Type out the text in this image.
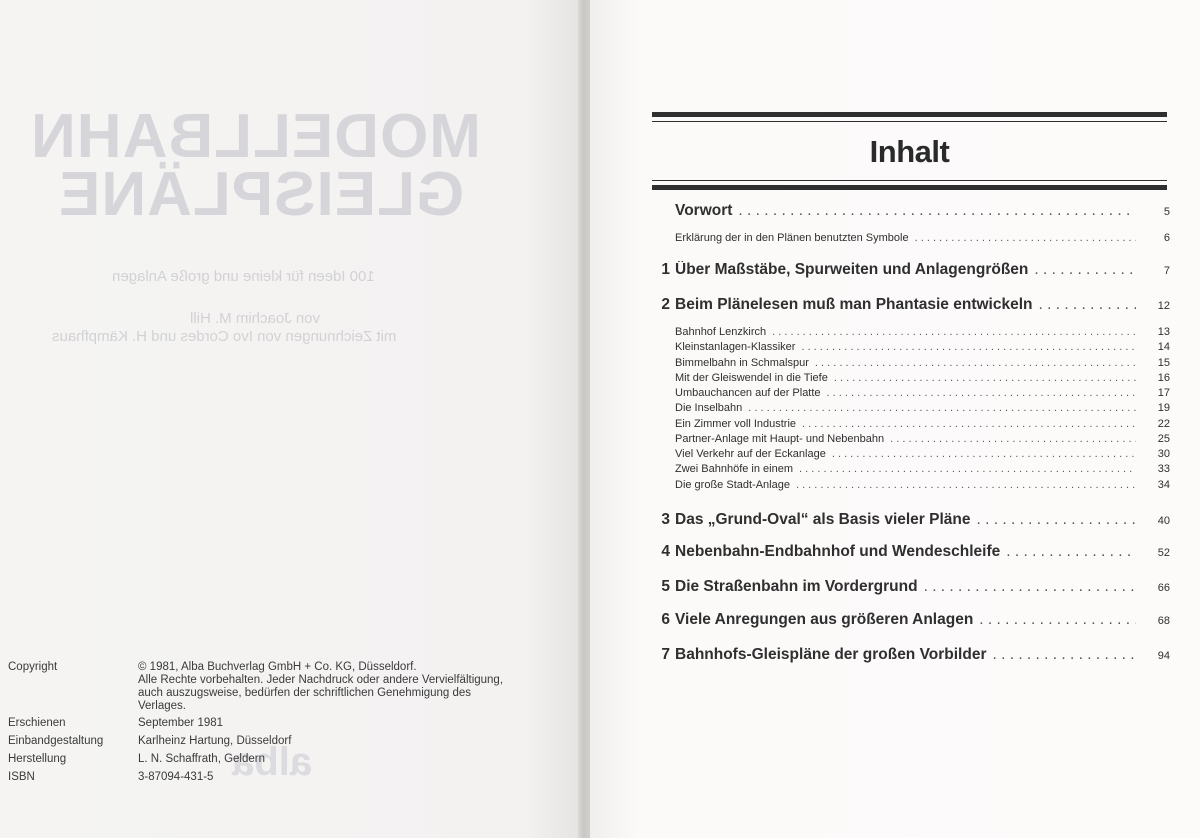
MODELLBAHN
GLEISPLÄNE
100 Ideen für kleine und große Anlagen
von Joachim M. Hill
mit Zeichnungen von Ivo Cordes und H. Kämpfhaus
alba
Copyright	© 1981, Alba Buchverlag GmbH + Co. KG, Düsseldorf.
Alle Rechte vorbehalten. Jeder Nachdruck oder andere Vervielfältigung,
auch auszugsweise, bedürfen der schriftlichen Genehmigung des
Verlages.
Erschienen	September 1981
Einbandgestaltung	Karlheinz Hartung, Düsseldorf
Herstellung	L. N. Schaffrath, Geldern
ISBN	3-87094-431-5
Inhalt
Vorwort . . .	5
Erklärung der in den Plänen benutzten Symbole . . .	6
1 Über Maßstäbe, Spurweiten und Anlagengrößen . . .	7
2 Beim Plänelesen muß man Phantasie entwickeln . . .	12
Bahnhof Lenzkirch . . .	13
Kleinstanlagen-Klassiker . . .	14
Bimmelbahn in Schmalspur . . .	15
Mit der Gleiswendel in die Tiefe . . .	16
Umbauchancen auf der Platte . . .	17
Die Inselbahn . . .	19
Ein Zimmer voll Industrie . . .	22
Partner-Anlage mit Haupt- und Nebenbahn . . .	25
Viel Verkehr auf der Eckanlage . . .	30
Zwei Bahnhöfe in einem . . .	33
Die große Stadt-Anlage . . .	34
3 Das „Grund-Oval“ als Basis vieler Pläne . . .	40
4 Nebenbahn-Endbahnhof und Wendeschleife . . .	52
5 Die Straßenbahn im Vordergrund . . .	66
6 Viele Anregungen aus größeren Anlagen . . .	68
7 Bahnhofs-Gleispläne der großen Vorbilder . . .	94
